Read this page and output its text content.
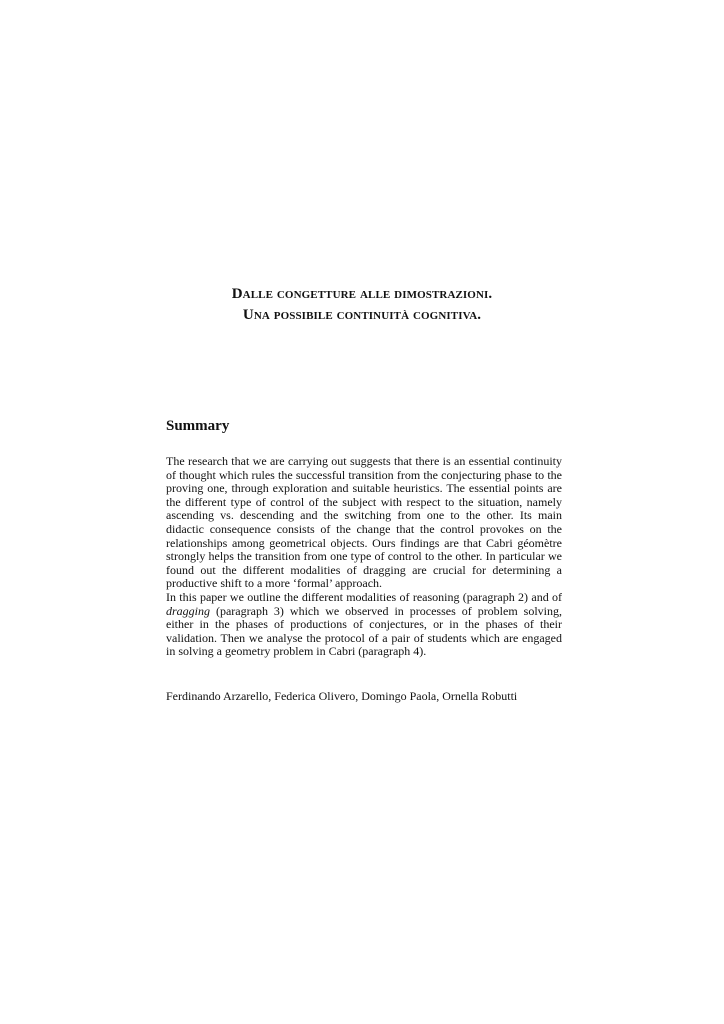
Dalle congetture alle dimostrazioni.

Una possibile continuità cognitiva.

Summary

The research that we are carrying out suggests that there is an essential continuity of thought which rules the successful transition from the conjecturing phase to the proving one, through exploration and suitable heuristics. The essential points are the different type of control of the subject with respect to the situation, namely ascending vs. descending and the switching from one to the other. Its main didactic consequence consists of the change that the control provokes on the relationships among geometrical objects. Ours findings are that Cabri géomètre strongly helps the transition from one type of control to the other. In particular we found out the different modalities of dragging are crucial for determining a productive shift to a more ‘formal’ approach.

In this paper we outline the different modalities of reasoning (paragraph 2) and of dragging (paragraph 3) which we observed in processes of problem solving, either in the phases of productions of conjectures, or in the phases of their validation. Then we analyse the protocol of a pair of students which are engaged in solving a geometry problem in Cabri (paragraph 4).

Ferdinando Arzarello, Federica Olivero, Domingo Paola, Ornella Robutti
